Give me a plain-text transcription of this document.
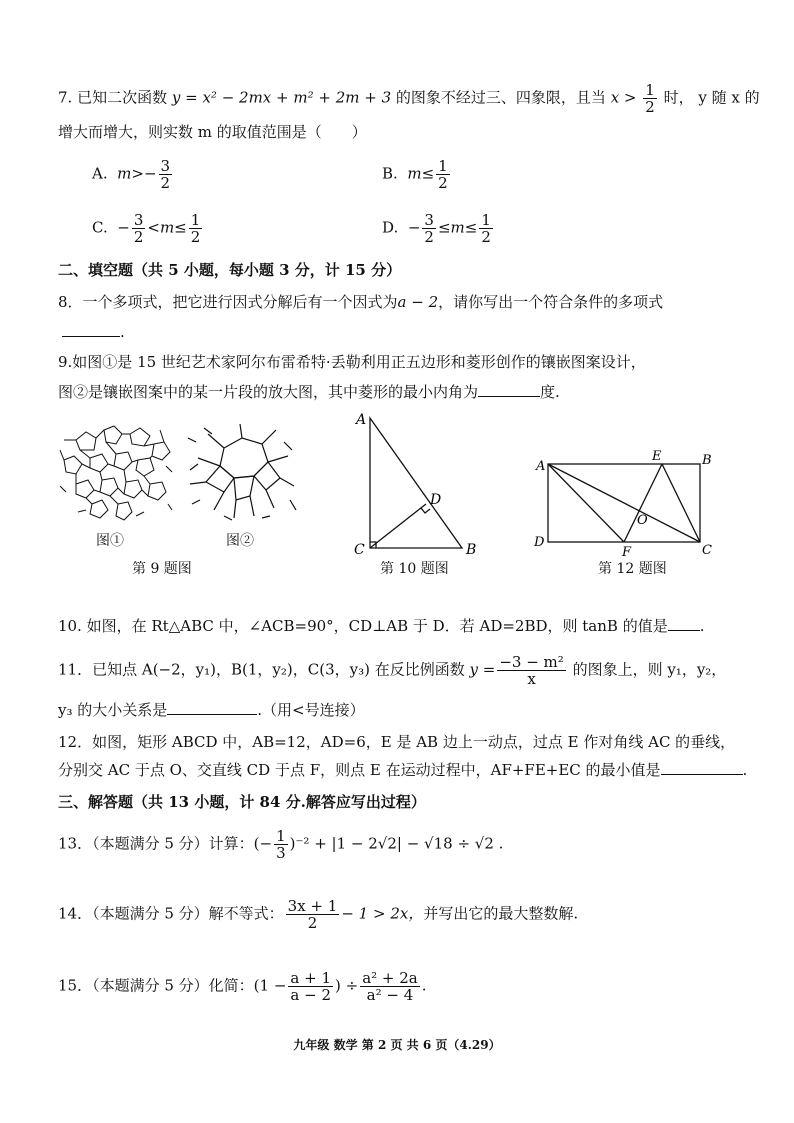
7. 已知二次函数 y = x² − 2mx + m² + 2m + 3 的图象不经过三、四象限，且当 $x > \frac{1}{2}$ 时， y 随 x 的
增大而增大，则实数 m 的取值范围是（　　）
A. $m>- \frac{3}{2}$	B. $m\le \frac{1}{2}$
C. − $\frac{3}{2} <m\le \frac{1}{2}$	D. − $\frac{3}{2} \le m\le \frac{1}{2}$
二、填空题（共 5 小题，每小题 3 分，计 15 分）
8．一个多项式，把它进行因式分解后有一个因式为a − 2，请你写出一个符合条件的多项式
.
9.如图①是 15 世纪艺术家阿尔布雷希特·丢勒利用正五边形和菱形创作的镶嵌图案设计，
图②是镶嵌图案中的某一片段的放大图，其中菱形的最小内角为	度.
图①	图②
第 9 题图
A
B
C
D
第 10 题图
A	B
C
D
E
F
O
第 12 题图
10. 如图，在 Rt△ABC 中，∠ACB=90°，CD⊥AB 于 D．若 AD=2BD，则 tanB 的值是 .
11．已知点 A(−2，y₁)，B(1，y₂)，C(3，y₃) 在反比例函数 $y = \frac{\text{−3 − m²}}{x}$ 的图象上，则 y₁，y₂，
y₃ 的大小关系是	.（用<号连接）
12．如图，矩形 ABCD 中，AB=12，AD=6，E 是 AB 边上一动点，过点 E 作对角线 AC 的垂线，
分别交 AC 于点 O、交直线 CD 于点 F，则点 E 在运动过程中，AF+FE+EC 的最小值是	.
三、解答题（共 13 小题，计 84 分.解答应写出过程）
13．（本题满分 5 分）计算：(− $\frac{1}{3} )^{-2} + |1 - 2√2| - √18 \div √2$ .
14．（本题满分 5 分）解不等式： $\frac{3x + 1}{2} - 1 > 2x$，并写出它的最大整数解.
15．（本题满分 5 分）化简：($1 - \frac{a + 1}{a - 2}$ ) ÷ $\frac{\text{a² + 2a}}{\text{a² − 4}}$ .
九年级 数学 第 2 页 共 6 页（4.29）
